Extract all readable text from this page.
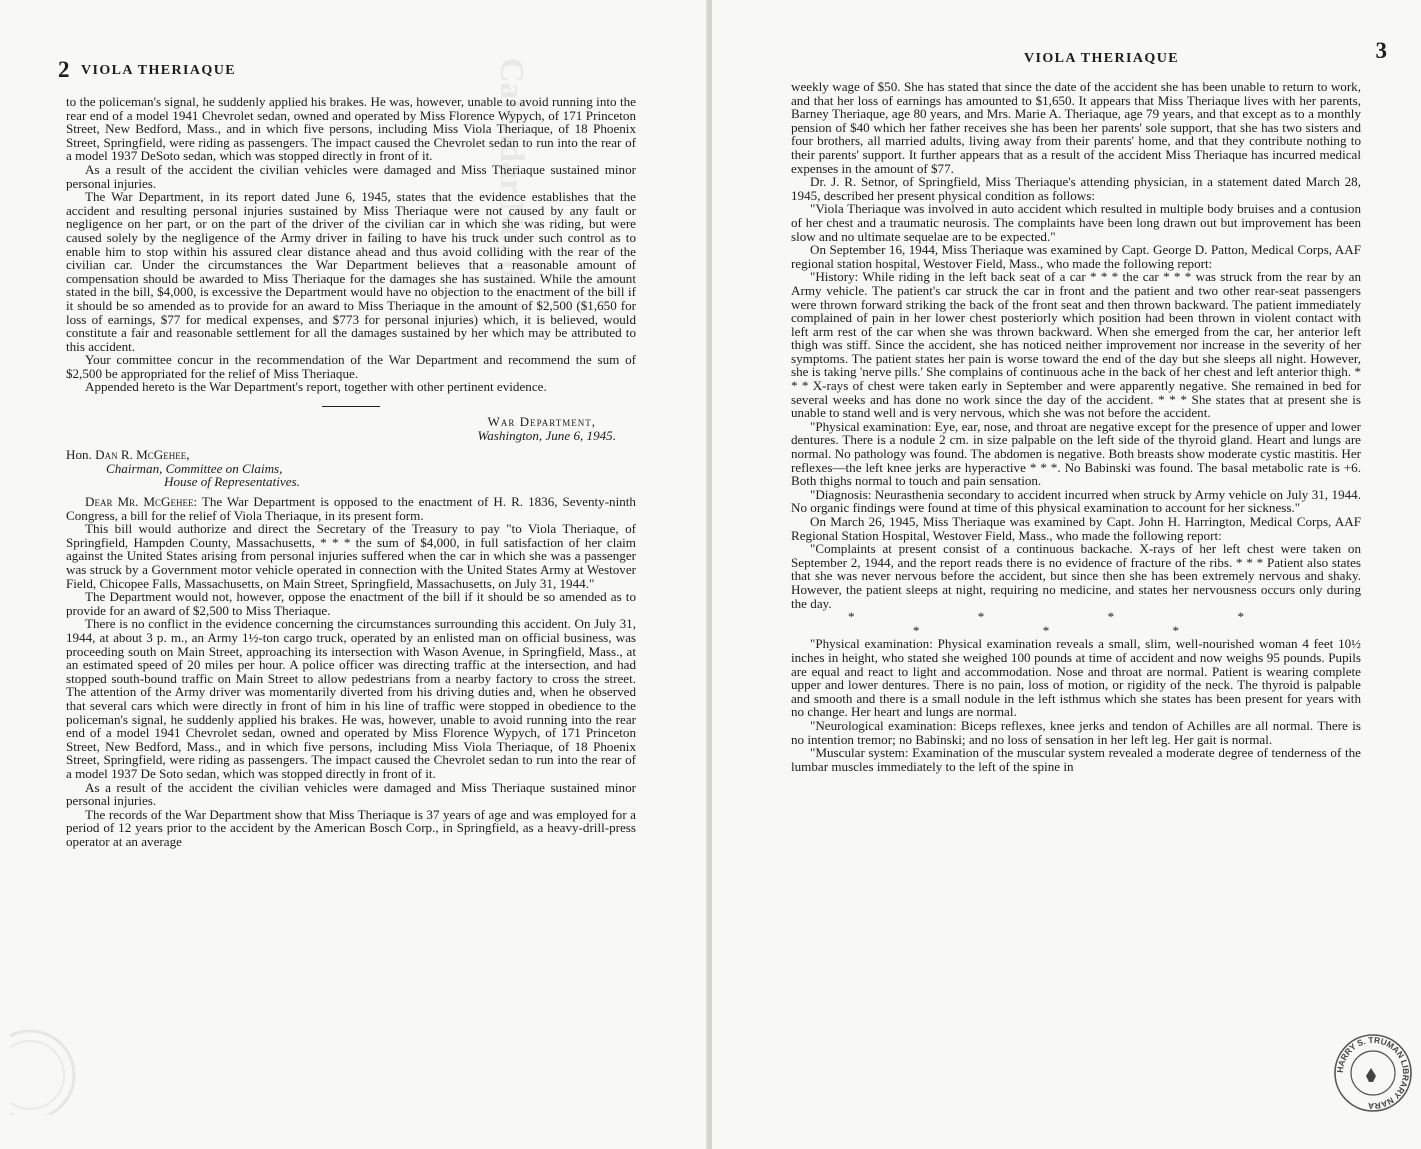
Calendar No. 874
2 VIOLA THERIAQUE

to the policeman's signal, he suddenly applied his brakes. He was, however, unable to avoid running into the rear end of a model 1941 Chevrolet sedan, owned and operated by Miss Florence Wypych, of 171 Princeton Street, New Bedford, Mass., and in which five persons, including Miss Viola Theriaque, of 18 Phoenix Street, Springfield, were riding as passengers. The impact caused the Chevrolet sedan to run into the rear of a model 1937 DeSoto sedan, which was stopped directly in front of it.

As a result of the accident the civilian vehicles were damaged and Miss Theriaque sustained minor personal injuries.

The War Department, in its report dated June 6, 1945, states that the evidence establishes that the accident and resulting personal injuries sustained by Miss Theriaque were not caused by any fault or negligence on her part, or on the part of the driver of the civilian car in which she was riding, but were caused solely by the negligence of the Army driver in failing to have his truck under such control as to enable him to stop within his assured clear distance ahead and thus avoid colliding with the rear of the civilian car. Under the circumstances the War Department believes that a reasonable amount of compensation should be awarded to Miss Theriaque for the damages she has sustained. While the amount stated in the bill, $4,000, is excessive the Department would have no objection to the enactment of the bill if it should be so amended as to provide for an award to Miss Theriaque in the amount of $2,500 ($1,650 for loss of earnings, $77 for medical expenses, and $773 for personal injuries) which, it is believed, would constitute a fair and reasonable settlement for all the damages sustained by her which may be attributed to this accident.

Your committee concur in the recommendation of the War Department and recommend the sum of $2,500 be appropriated for the relief of Miss Theriaque.

Appended hereto is the War Department's report, together with other pertinent evidence.

War Department,
Washington, June 6, 1945.

Hon. Dan R. McGehee,

Chairman, Committee on Claims,

House of Representatives.

Dear Mr. McGehee: The War Department is opposed to the enactment of H. R. 1836, Seventy-ninth Congress, a bill for the relief of Viola Theriaque, in its present form.

This bill would authorize and direct the Secretary of the Treasury to pay "to Viola Theriaque, of Springfield, Hampden County, Massachusetts, * * * the sum of $4,000, in full satisfaction of her claim against the United States arising from personal injuries suffered when the car in which she was a passenger was struck by a Government motor vehicle operated in connection with the United States Army at Westover Field, Chicopee Falls, Massachusetts, on Main Street, Springfield, Massachusetts, on July 31, 1944."

The Department would not, however, oppose the enactment of the bill if it should be so amended as to provide for an award of $2,500 to Miss Theriaque.

There is no conflict in the evidence concerning the circumstances surrounding this accident. On July 31, 1944, at about 3 p. m., an Army 1½-ton cargo truck, operated by an enlisted man on official business, was proceeding south on Main Street, approaching its intersection with Wason Avenue, in Springfield, Mass., at an estimated speed of 20 miles per hour. A police officer was directing traffic at the intersection, and had stopped south-bound traffic on Main Street to allow pedestrians from a nearby factory to cross the street. The attention of the Army driver was momentarily diverted from his driving duties and, when he observed that several cars which were directly in front of him in his line of traffic were stopped in obedience to the policeman's signal, he suddenly applied his brakes. He was, however, unable to avoid running into the rear end of a model 1941 Chevrolet sedan, owned and operated by Miss Florence Wypych, of 171 Princeton Street, New Bedford, Mass., and in which five persons, including Miss Viola Theriaque, of 18 Phoenix Street, Springfield, were riding as passengers. The impact caused the Chevrolet sedan to run into the rear of a model 1937 De Soto sedan, which was stopped directly in front of it.

As a result of the accident the civilian vehicles were damaged and Miss Theriaque sustained minor personal injuries.

The records of the War Department show that Miss Theriaque is 37 years of age and was employed for a period of 12 years prior to the accident by the American Bosch Corp., in Springfield, as a heavy-drill-press operator at an average

VIOLA THERIAQUE	3

weekly wage of $50. She has stated that since the date of the accident she has been unable to return to work, and that her loss of earnings has amounted to $1,650. It appears that Miss Theriaque lives with her parents, Barney Theriaque, age 80 years, and Mrs. Marie A. Theriaque, age 79 years, and that except as to a monthly pension of $40 which her father receives she has been her parents' sole support, that she has two sisters and four brothers, all married adults, living away from their parents' home, and that they contribute nothing to their parents' support. It further appears that as a result of the accident Miss Theriaque has incurred medical expenses in the amount of $77.

Dr. J. R. Setnor, of Springfield, Miss Theriaque's attending physician, in a statement dated March 28, 1945, described her present physical condition as follows:

"Viola Theriaque was involved in auto accident which resulted in multiple body bruises and a contusion of her chest and a traumatic neurosis. The complaints have been long drawn out but improvement has been slow and no ultimate sequelae are to be expected."

On September 16, 1944, Miss Theriaque was examined by Capt. George D. Patton, Medical Corps, AAF regional station hospital, Westover Field, Mass., who made the following report:

"History: While riding in the left back seat of a car * * * the car * * * was struck from the rear by an Army vehicle. The patient's car struck the car in front and the patient and two other rear-seat passengers were thrown forward striking the back of the front seat and then thrown backward. The patient immediately complained of pain in her lower chest posteriorly which position had been thrown in violent contact with left arm rest of the car when she was thrown backward. When she emerged from the car, her anterior left thigh was stiff. Since the accident, she has noticed neither improvement nor increase in the severity of her symptoms. The patient states her pain is worse toward the end of the day but she sleeps all night. However, she is taking 'nerve pills.' She complains of continuous ache in the back of her chest and left anterior thigh. * * * X-rays of chest were taken early in September and were apparently negative. She remained in bed for several weeks and has done no work since the day of the accident. * * * She states that at present she is unable to stand well and is very nervous, which she was not before the accident.

"Physical examination: Eye, ear, nose, and throat are negative except for the presence of upper and lower dentures. There is a nodule 2 cm. in size palpable on the left side of the thyroid gland. Heart and lungs are normal. No pathology was found. The abdomen is negative. Both breasts show moderate cystic mastitis. Her reflexes—the left knee jerks are hyperactive * * *. No Babinski was found. The basal metabolic rate is +6. Both thighs normal to touch and pain sensation.

"Diagnosis: Neurasthenia secondary to accident incurred when struck by Army vehicle on July 31, 1944. No organic findings were found at time of this physical examination to account for her sickness."

On March 26, 1945, Miss Theriaque was examined by Capt. John H. Harrington, Medical Corps, AAF Regional Station Hospital, Westover Field, Mass., who made the following report:

"Complaints at present consist of a continuous backache. X-rays of her left chest were taken on September 2, 1944, and the report reads there is no evidence of fracture of the ribs. * * * Patient also states that she was never nervous before the accident, but since then she has been extremely nervous and shaky. However, the patient sleeps at night, requiring no medicine, and states her nervousness occurs only during the day.

* * * * * * *

"Physical examination: Physical examination reveals a small, slim, well-nourished woman 4 feet 10½ inches in height, who stated she weighed 100 pounds at time of accident and now weighs 95 pounds. Pupils are equal and react to light and accommodation. Nose and throat are normal. Patient is wearing complete upper and lower dentures. There is no pain, loss of motion, or rigidity of the neck. The thyroid is palpable and smooth and there is a small nodule in the left isthmus which she states has been present for years with no change. Her heart and lungs are normal.

"Neurological examination: Biceps reflexes, knee jerks and tendon of Achilles are all normal. There is no intention tremor; no Babinski; and no loss of sensation in her left leg. Her gait is normal.

"Muscular system: Examination of the muscular system revealed a moderate degree of tenderness of the lumbar muscles immediately to the left of the spine in

HARRY S. TRUMAN LIBRARY NARA
